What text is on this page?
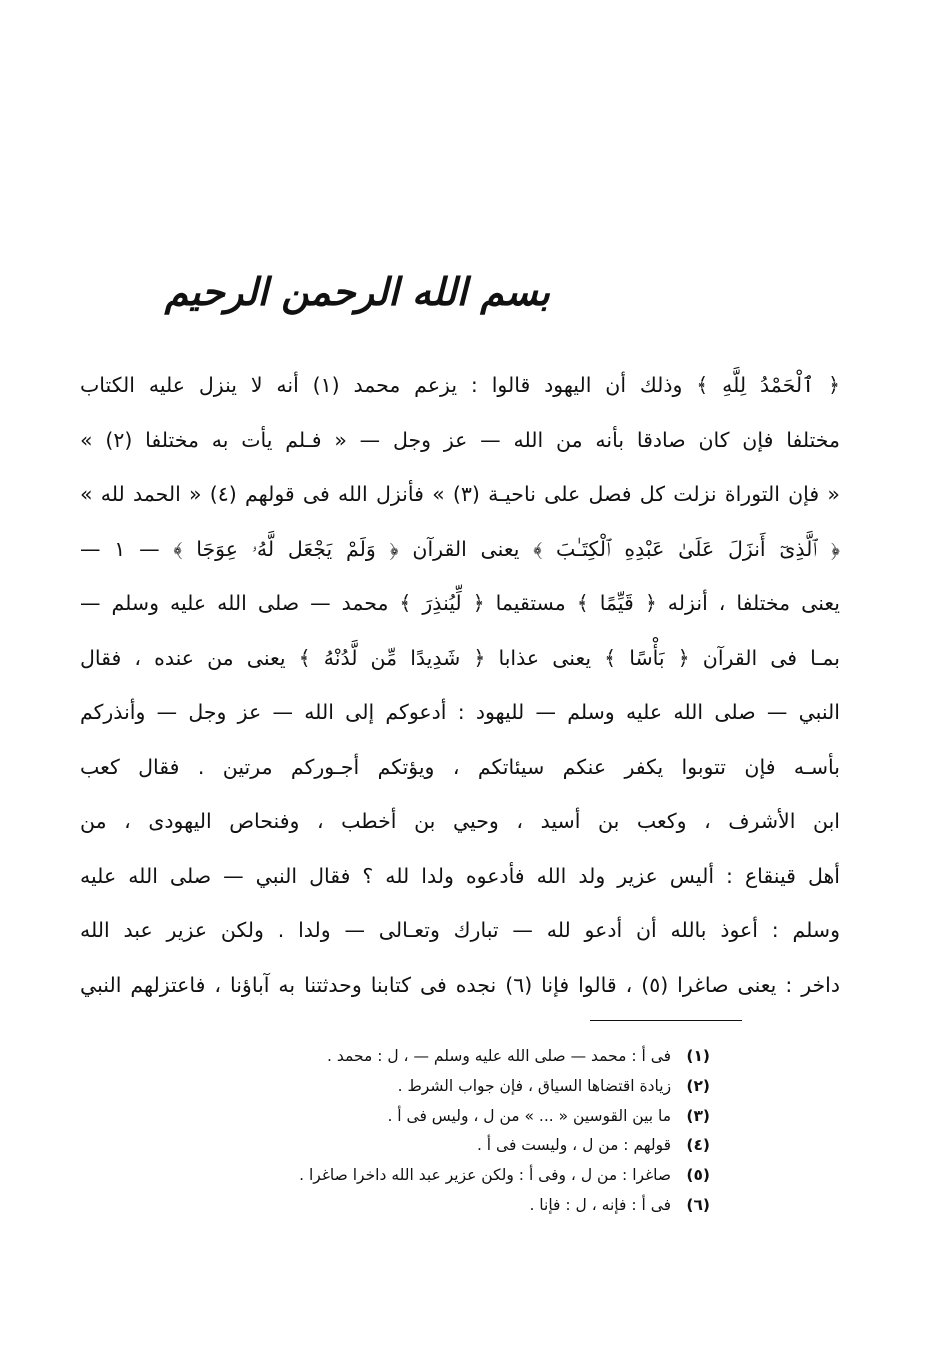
بسم الله الرحمن الرحيم
﴿ ٱلْحَمْدُ لِلَّهِ ﴾ وذلك أن اليهود قالوا : يزعم محمد (١) أنه لا ينزل عليه الكتاب
مختلفا فإن كان صادقا بأنه من الله — عز وجل — « فـلم يأت به مختلفا (٢) »
« فإن التوراة نزلت كل فصل على ناحيـة (٣) » فأنزل الله فى قولهم (٤) « الحمد لله »
﴿ ٱلَّذِىٓ أَنزَلَ عَلَىٰ عَبْدِهِ ٱلْكِتَـٰبَ ﴾ يعنى القرآن ﴿ وَلَمْ يَجْعَل لَّهُۥ عِوَجَا ﴾ — ١ —
يعنى مختلفا ، أنزله ﴿ قَيِّمًا ﴾ مستقيما ﴿ لِّيُنذِرَ ﴾ محمد — صلى الله عليه وسلم —
بمـا فى القرآن ﴿ بَأْسًا ﴾ يعنى عذابا ﴿ شَدِيدًا مِّن لَّدُنْهُ ﴾ يعنى من عنده ، فقال
النبي — صلى الله عليه وسلم — لليهود : أدعوكم إلى الله — عز وجل — وأنذركم
بأسـه فإن تتوبوا يكفر عنكم سيئاتكم ، ويؤتكم أجـوركم مرتين . فقال كعب
ابن الأشرف ، وكعب بن أسيد ، وحيي بن أخطب ، وفنحاص اليهودى ، من
أهل قينقاع : أليس عزير ولد الله فأدعوه ولدا لله ؟ فقال النبي — صلى الله عليه
وسلم : أعوذ بالله أن أدعو لله — تبارك وتعـالى — ولدا . ولكن عزير عبد الله
داخر : يعنى صاغرا (٥) ، قالوا فإنا (٦) نجده فى كتابنا وحدثتنا به آباؤنا ، فاعتزلهم النبي
(١) فى أ : محمد — صلى الله عليه وسلم — ، ل : محمد .
(٢) زيادة اقتضاها السياق ، فإن جواب الشرط .
(٣) ما بين القوسين « ... » من ل ، وليس فى أ .
(٤) قولهم : من ل ، وليست فى أ .
(٥) صاغرا : من ل ، وفى أ : ولكن عزير عبد الله داخرا صاغرا .
(٦) فى أ : فإنه ، ل : فإنا .
